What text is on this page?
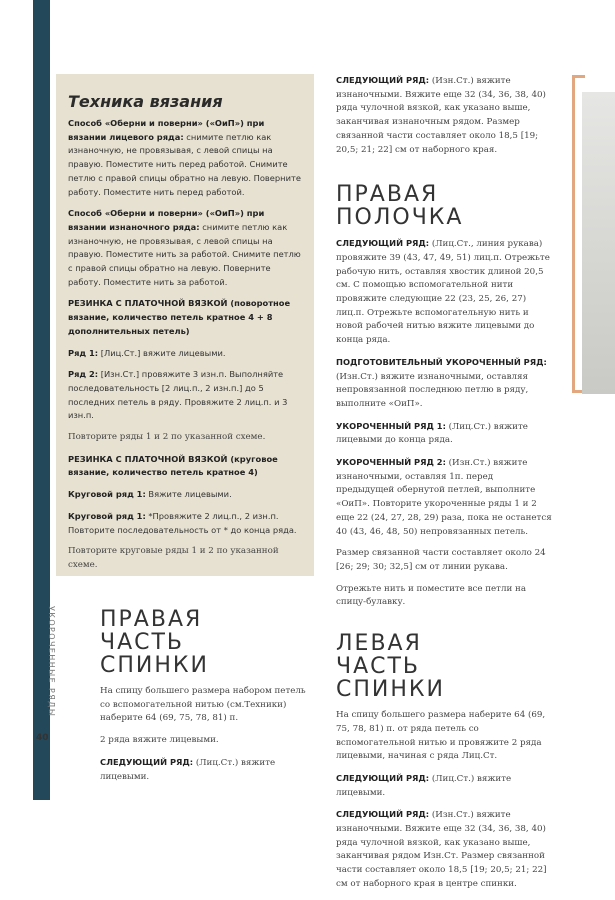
УКОРОЧЕННЫЕ РЯДЫ
40
Техника вязания

Способ «Оберни и поверни» («ОиП») при вязании лицевого ряда: снимите петлю как изнаночную, не провязывая, с левой спицы на правую. Поместите нить перед работой. Снимите петлю с правой спицы обратно на левую. Поверните работу. Поместите нить перед работой.

Способ «Оберни и поверни» («ОиП») при вязании изнаночного ряда: снимите петлю как изнаночную, не провязывая, с левой спицы на правую. Поместите нить за работой. Снимите петлю с правой спицы обратно на левую. Поверните работу. Поместите нить за работой.

РЕЗИНКА С ПЛАТОЧНОЙ ВЯЗКОЙ (поворотное вязание, количество петель кратное 4 + 8 дополнительных петель)

Ряд 1: [Лиц.Ст.] вяжите лицевыми.

Ряд 2: [Изн.Ст.] провяжите 3 изн.п. Выполняйте последовательность [2 лиц.п., 2 изн.п.] до 5 последних петель в ряду. Провяжите 2 лиц.п. и 3 изн.п.

Повторите ряды 1 и 2 по указанной схеме.

РЕЗИНКА С ПЛАТОЧНОЙ ВЯЗКОЙ (круговое вязание, количество петель кратное 4)

Круговой ряд 1: Вяжите лицевыми.

Круговой ряд 1: *Провяжите 2 лиц.п., 2 изн.п. Повторите последовательность от * до конца ряда.

Повторите круговые ряды 1 и 2 по указанной схеме.

ПРАВАЯ ЧАСТЬ СПИНКИ

На спицу большего размера набором петель со вспомогательной нитью (см.Техники) наберите 64 (69, 75, 78, 81) п.

2 ряда вяжите лицевыми.

СЛЕДУЮЩИЙ РЯД: (Лиц.Ст.) вяжите лицевыми.

СЛЕДУЮЩИЙ РЯД: (Изн.Ст.) вяжите изнаночными. Вяжите еще 32 (34, 36, 38, 40) ряда чулочной вязкой, как указано выше, заканчивая изнаночным рядом. Размер связанной части составляет около 18,5 [19; 20,5; 21; 22] см от наборного края.

ПРАВАЯ ПОЛОЧКА

СЛЕДУЮЩИЙ РЯД: (Лиц.Ст., линия рукава) провяжите 39 (43, 47, 49, 51) лиц.п. Отрежьте рабочую нить, оставляя хвостик длиной 20,5 см. С помощью вспомогательной нити провяжите следующие 22 (23, 25, 26, 27) лиц.п. Отрежьте вспомогательную нить и новой рабочей нитью вяжите лицевыми до конца ряда.

ПОДГОТОВИТЕЛЬНЫЙ УКОРОЧЕННЫЙ РЯД: (Изн.Ст.) вяжите изнаночными, оставляя непровязанной последнюю петлю в ряду, выполните «ОиП».

УКОРОЧЕННЫЙ РЯД 1: (Лиц.Ст.) вяжите лицевыми до конца ряда.

УКОРОЧЕННЫЙ РЯД 2: (Изн.Ст.) вяжите изнаночными, оставляя 1п. перед предыдущей обернутой петлей, выполните «ОиП». Повторите укороченные ряды 1 и 2 еще 22 (24, 27, 28, 29) раза, пока не останется 40 (43, 46, 48, 50) непровязанных петель.

Размер связанной части составляет около 24 [26; 29; 30; 32,5] см от линии рукава.

Отрежьте нить и поместите все петли на спицу-булавку.

ЛЕВАЯ ЧАСТЬ СПИНКИ

На спицу большего размера наберите 64 (69, 75, 78, 81) п. от ряда петель со вспомогательной нитью и провяжите 2 ряда лицевыми, начиная с ряда Лиц.Ст.

СЛЕДУЮЩИЙ РЯД: (Лиц.Ст.) вяжите лицевыми.

СЛЕДУЮЩИЙ РЯД: (Изн.Ст.) вяжите изнаночными. Вяжите еще 32 (34, 36, 38, 40) ряда чулочной вязкой, как указано выше, заканчивая рядом Изн.Ст. Размер связанной части составляет около 18,5 [19; 20,5; 21; 22] см от наборного края в центре спинки.
